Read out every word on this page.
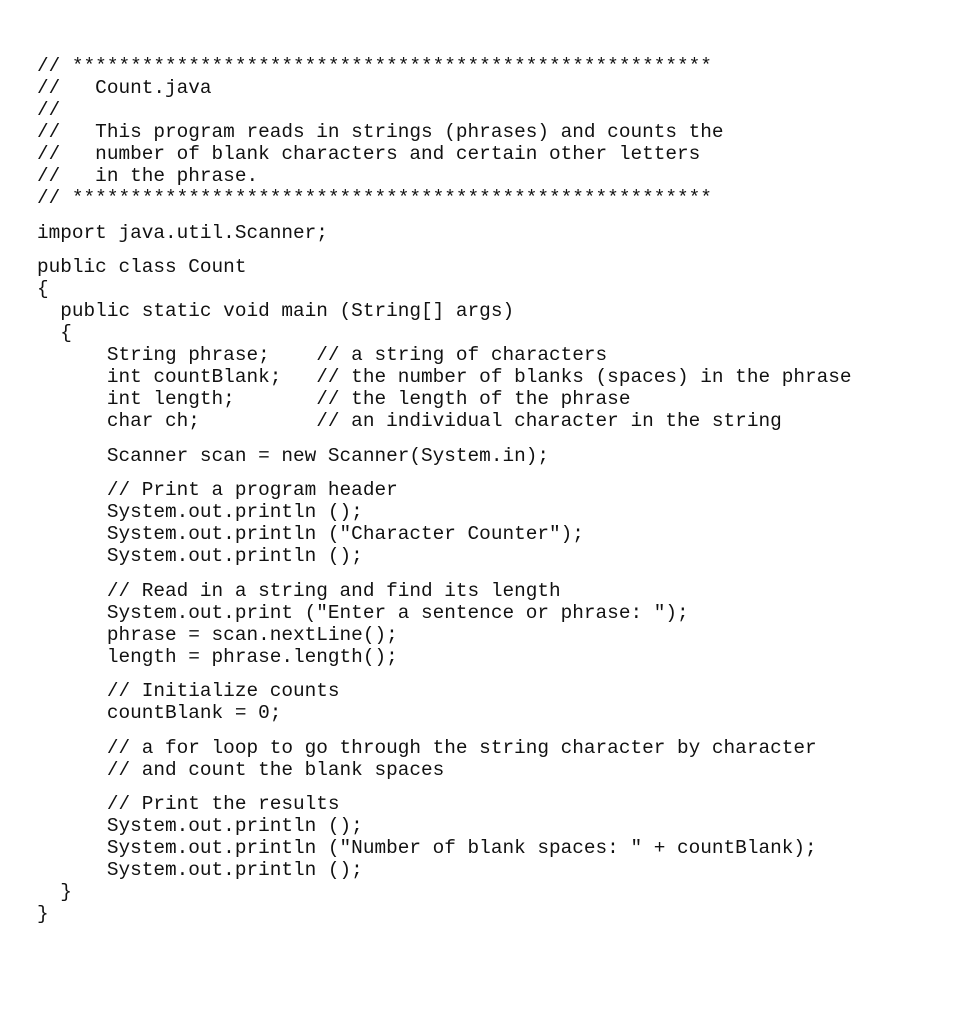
// *******************************************************
//   Count.java
//
//   This program reads in strings (phrases) and counts the
//   number of blank characters and certain other letters
//   in the phrase.
// *******************************************************
import java.util.Scanner;
public class Count
{
public static void main (String[] args)
{
String phrase;    // a string of characters
int countBlank;   // the number of blanks (spaces) in the phrase
int length;       // the length of the phrase
char ch;          // an individual character in the string
Scanner scan = new Scanner(System.in);
// Print a program header
System.out.println ();
System.out.println ("Character Counter");
System.out.println ();
// Read in a string and find its length
System.out.print ("Enter a sentence or phrase: ");
phrase = scan.nextLine();
length = phrase.length();
// Initialize counts
countBlank = 0;
// a for loop to go through the string character by character
// and count the blank spaces
// Print the results
System.out.println ();
System.out.println ("Number of blank spaces: " + countBlank);
System.out.println ();
}
}
